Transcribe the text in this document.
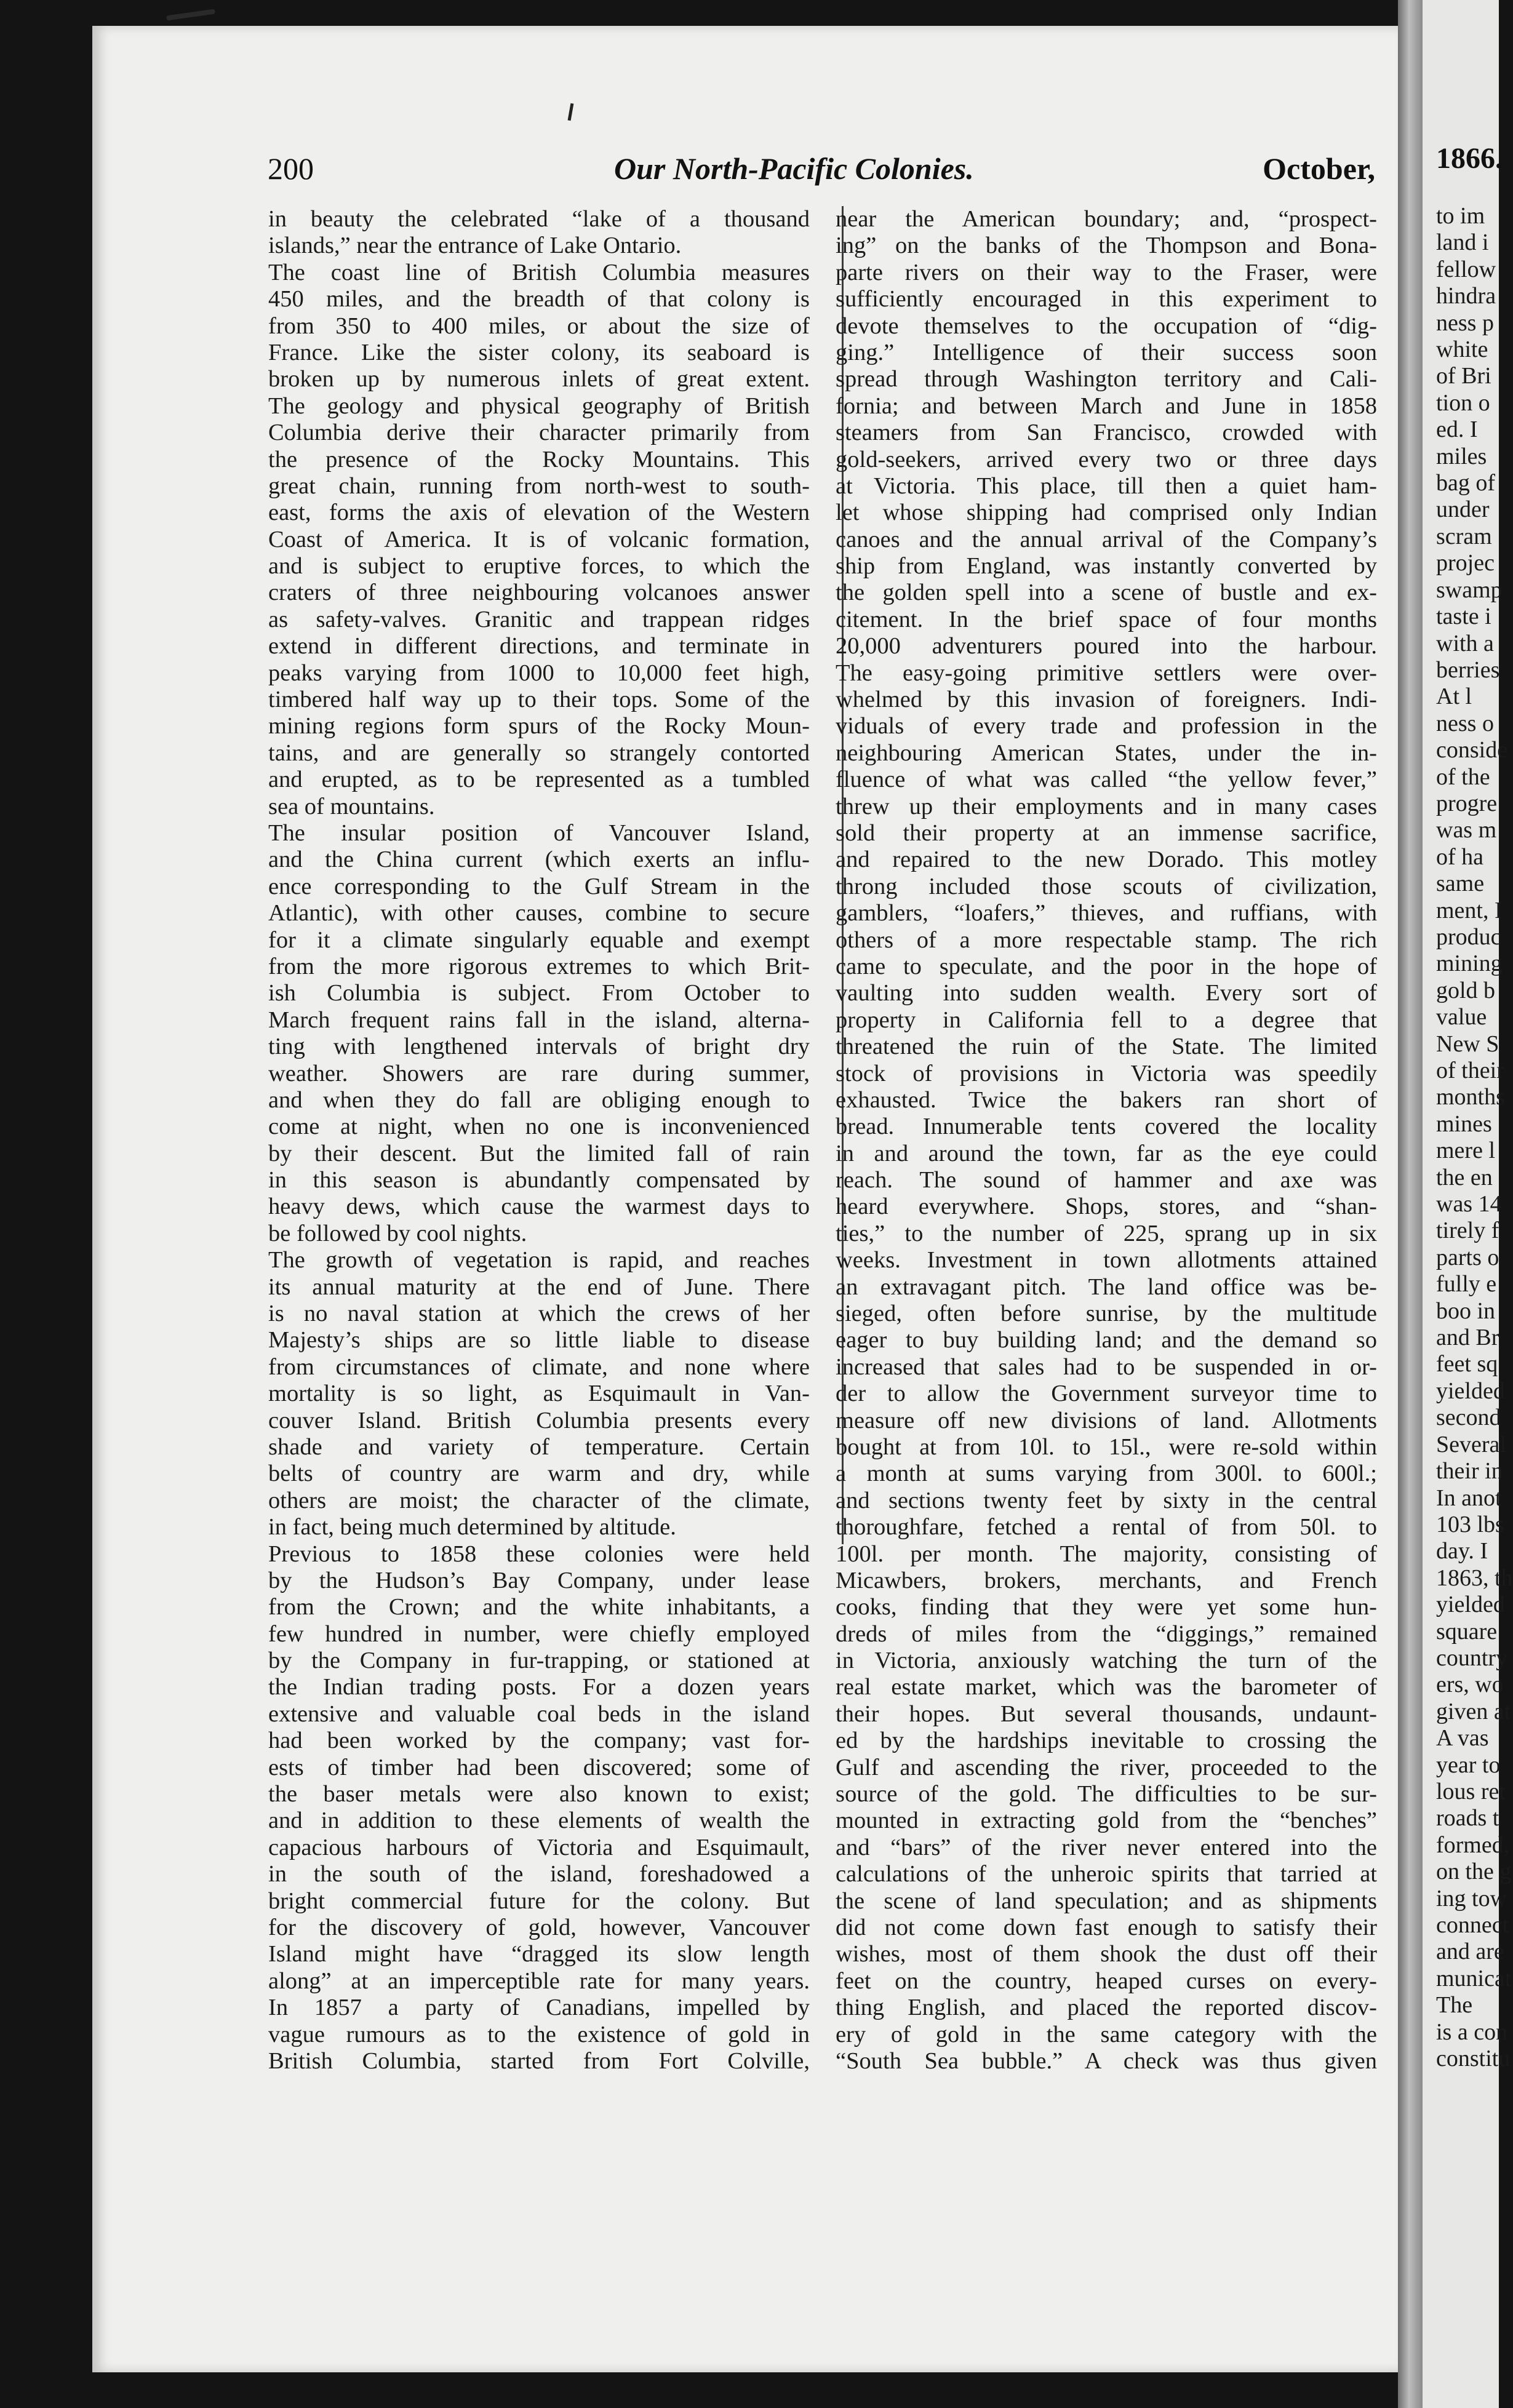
200	Our North-Pacific Colonies.	October,
in beauty the celebrated “lake of a thousand
islands,” near the entrance of Lake Ontario.
The coast line of British Columbia measures
450 miles, and the breadth of that colony is
from 350 to 400 miles, or about the size of
France. Like the sister colony, its seaboard is
broken up by numerous inlets of great extent.
The geology and physical geography of British
Columbia derive their character primarily from
the presence of the Rocky Mountains. This
great chain, running from north-west to south-
east, forms the axis of elevation of the Western
Coast of America. It is of volcanic formation,
and is subject to eruptive forces, to which the
craters of three neighbouring volcanoes answer
as safety-valves. Granitic and trappean ridges
extend in different directions, and terminate in
peaks varying from 1000 to 10,000 feet high,
timbered half way up to their tops. Some of the
mining regions form spurs of the Rocky Moun-
tains, and are generally so strangely contorted
and erupted, as to be represented as a tumbled
sea of mountains.
The insular position of Vancouver Island,
and the China current (which exerts an influ-
ence corresponding to the Gulf Stream in the
Atlantic), with other causes, combine to secure
for it a climate singularly equable and exempt
from the more rigorous extremes to which Brit-
ish Columbia is subject. From October to
March frequent rains fall in the island, alterna-
ting with lengthened intervals of bright dry
weather. Showers are rare during summer,
and when they do fall are obliging enough to
come at night, when no one is inconvenienced
by their descent. But the limited fall of rain
in this season is abundantly compensated by
heavy dews, which cause the warmest days to
be followed by cool nights.
The growth of vegetation is rapid, and reaches
its annual maturity at the end of June. There
is no naval station at which the crews of her
Majesty’s ships are so little liable to disease
from circumstances of climate, and none where
mortality is so light, as Esquimault in Van-
couver Island. British Columbia presents every
shade and variety of temperature. Certain
belts of country are warm and dry, while
others are moist; the character of the climate,
in fact, being much determined by altitude.
Previous to 1858 these colonies were held
by the Hudson’s Bay Company, under lease
from the Crown; and the white inhabitants, a
few hundred in number, were chiefly employed
by the Company in fur-trapping, or stationed at
the Indian trading posts. For a dozen years
extensive and valuable coal beds in the island
had been worked by the company; vast for-
ests of timber had been discovered; some of
the baser metals were also known to exist;
and in addition to these elements of wealth the
capacious harbours of Victoria and Esquimault,
in the south of the island, foreshadowed a
bright commercial future for the colony. But
for the discovery of gold, however, Vancouver
Island might have “dragged its slow length
along” at an imperceptible rate for many years.
In 1857 a party of Canadians, impelled by
vague rumours as to the existence of gold in
British Columbia, started from Fort Colville,
near the American boundary; and, “prospect-
ing” on the banks of the Thompson and Bona-
parte rivers on their way to the Fraser, were
sufficiently encouraged in this experiment to
devote themselves to the occupation of “dig-
ging.” Intelligence of their success soon
spread through Washington territory and Cali-
fornia; and between March and June in 1858
steamers from San Francisco, crowded with
gold-seekers, arrived every two or three days
at Victoria. This place, till then a quiet ham-
let whose shipping had comprised only Indian
canoes and the annual arrival of the Company’s
ship from England, was instantly converted by
the golden spell into a scene of bustle and ex-
citement. In the brief space of four months
20,000 adventurers poured into the harbour.
The easy-going primitive settlers were over-
whelmed by this invasion of foreigners. Indi-
viduals of every trade and profession in the
neighbouring American States, under the in-
fluence of what was called “the yellow fever,”
threw up their employments and in many cases
sold their property at an immense sacrifice,
and repaired to the new Dorado. This motley
throng included those scouts of civilization,
gamblers, “loafers,” thieves, and ruffians, with
others of a more respectable stamp. The rich
came to speculate, and the poor in the hope of
vaulting into sudden wealth. Every sort of
property in California fell to a degree that
threatened the ruin of the State. The limited
stock of provisions in Victoria was speedily
exhausted. Twice the bakers ran short of
bread. Innumerable tents covered the locality
in and around the town, far as the eye could
reach. The sound of hammer and axe was
heard everywhere. Shops, stores, and “shan-
ties,” to the number of 225, sprang up in six
weeks. Investment in town allotments attained
an extravagant pitch. The land office was be-
sieged, often before sunrise, by the multitude
eager to buy building land; and the demand so
increased that sales had to be suspended in or-
der to allow the Government surveyor time to
measure off new divisions of land. Allotments
bought at from 10l. to 15l., were re-sold within
a month at sums varying from 300l. to 600l.;
and sections twenty feet by sixty in the central
thoroughfare, fetched a rental of from 50l. to
100l. per month. The majority, consisting of
Micawbers, brokers, merchants, and French
cooks, finding that they were yet some hun-
dreds of miles from the “diggings,” remained
in Victoria, anxiously watching the turn of the
real estate market, which was the barometer of
their hopes. But several thousands, undaunt-
ed by the hardships inevitable to crossing the
Gulf and ascending the river, proceeded to the
source of the gold. The difficulties to be sur-
mounted in extracting gold from the “benches”
and “bars” of the river never entered into the
calculations of the unheroic spirits that tarried at
the scene of land speculation; and as shipments
did not come down fast enough to satisfy their
wishes, most of them shook the dust off their
feet on the country, heaped curses on every-
thing English, and placed the reported discov-
ery of gold in the same category with the
“South Sea bubble.” A check was thus given
1866.
to im
land i
fellow
hindra
ness p
white
of Bri
tion o
ed. I
miles
bag of
under
scram
projec
swamp
taste i
with a
berries
At l
ness o
conside
of the
progre
was m
of ha
same
ment, I
produc
mining
gold b
value
New S
of their
months
mines
mere l
the en
was 14
tirely f
parts o
fully e
boo in
and Br
feet sq
yielded
second
Several
their in
In anot
103 lbs
day. I
1863, th
yielded
square
country
ers, wo
given at
A vas
year to
lous ret
roads t
formed,
on the g
ing tow
connect
and are
municat
The
is a con
constitu
